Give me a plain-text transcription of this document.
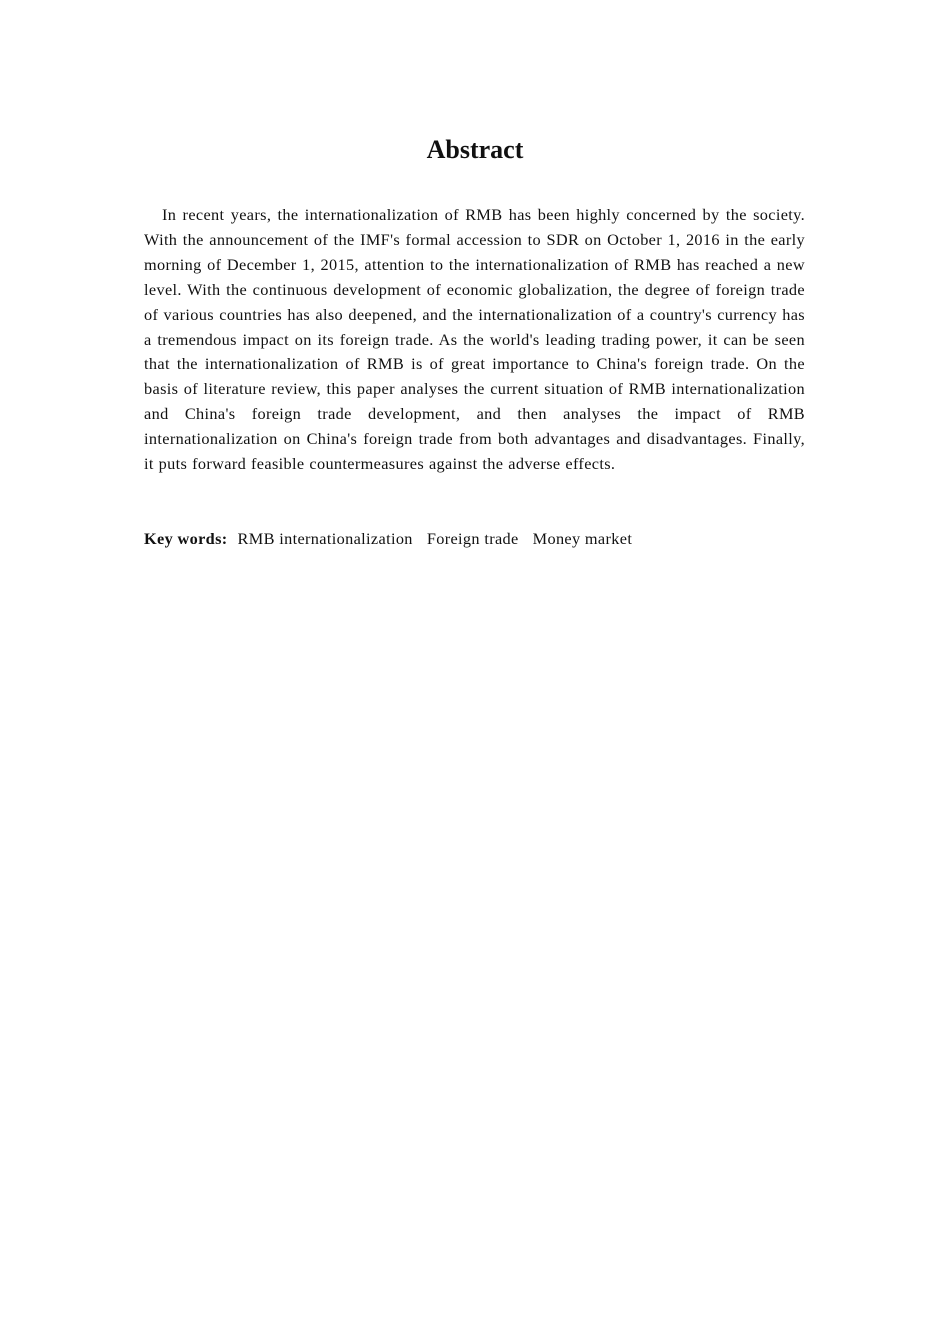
Abstract

In recent years, the internationalization of RMB has been highly concerned by the society. With the announcement of the IMF's formal accession to SDR on October 1, 2016 in the early morning of December 1, 2015, attention to the internationalization of RMB has reached a new level. With the continuous development of economic globalization, the degree of foreign trade of various countries has also deepened, and the internationalization of a country's currency has a tremendous impact on its foreign trade. As the world's leading trading power, it can be seen that the internationalization of RMB is of great importance to China's foreign trade. On the basis of literature review, this paper analyses the current situation of RMB internationalization and China's foreign trade development, and then analyses the impact of RMB internationalization on China's foreign trade from both advantages and disadvantages. Finally, it puts forward feasible countermeasures against the adverse effects.

Key words: RMB internationalization Foreign trade Money market
